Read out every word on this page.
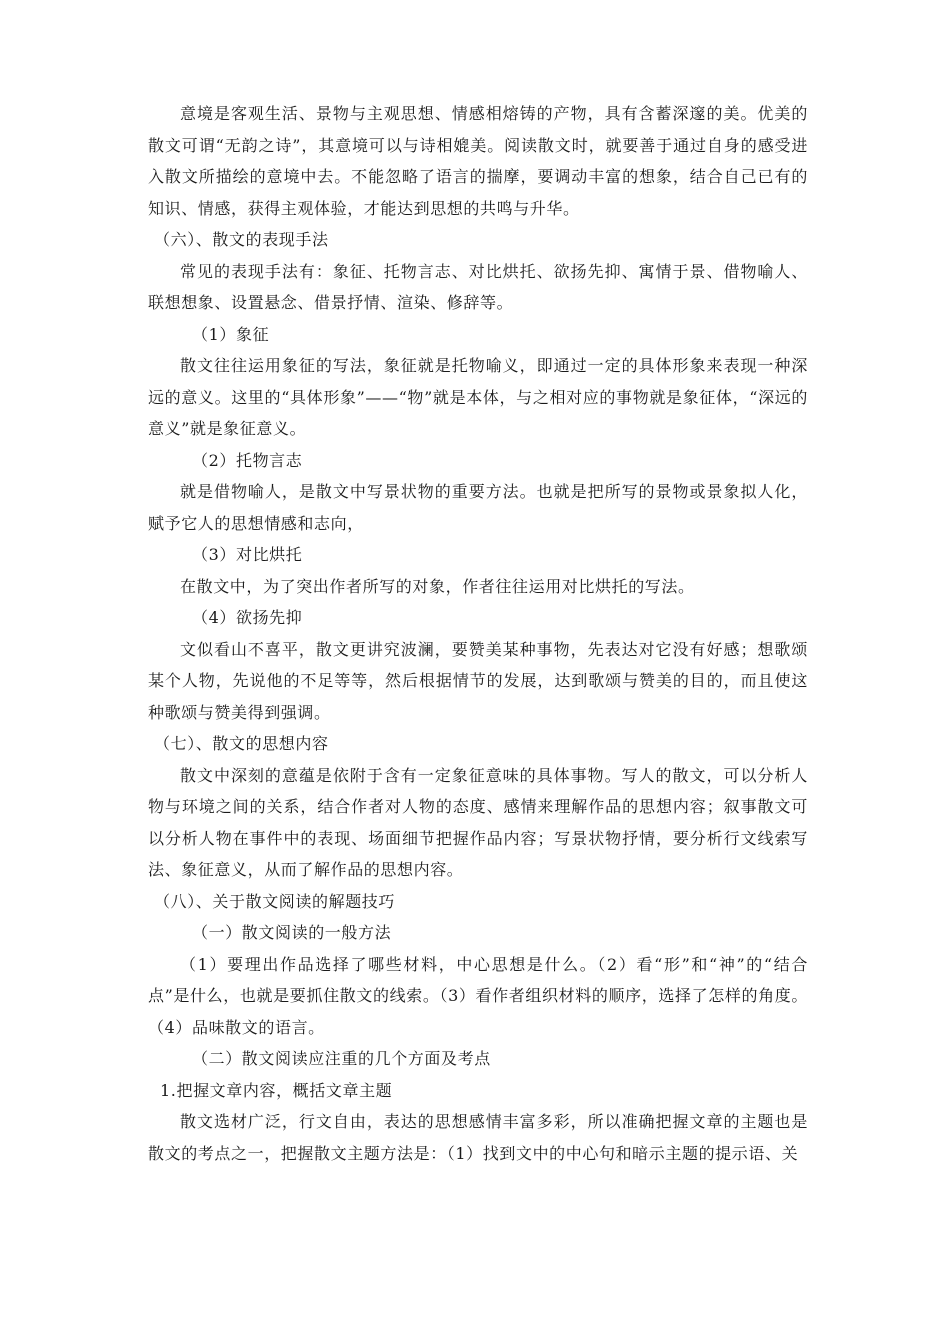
意境是客观生活、景物与主观思想、情感相熔铸的产物，具有含蓄深邃的美。优美的散文可谓“无韵之诗”，其意境可以与诗相媲美。阅读散文时，就要善于通过自身的感受进入散文所描绘的意境中去。不能忽略了语言的揣摩，要调动丰富的想象，结合自己已有的知识、情感，获得主观体验，才能达到思想的共鸣与升华。

（六）、散文的表现手法

常见的表现手法有：象征、托物言志、对比烘托、欲扬先抑、寓情于景、借物喻人、联想想象、设置悬念、借景抒情、渲染、修辞等。

（1）象征

散文往往运用象征的写法，象征就是托物喻义，即通过一定的具体形象来表现一种深远的意义。这里的“具体形象”——“物”就是本体，与之相对应的事物就是象征体，“深远的意义”就是象征意义。

（2）托物言志

就是借物喻人，是散文中写景状物的重要方法。也就是把所写的景物或景象拟人化，赋予它人的思想情感和志向，

（3）对比烘托

在散文中，为了突出作者所写的对象，作者往往运用对比烘托的写法。

（4）欲扬先抑

文似看山不喜平，散文更讲究波澜，要赞美某种事物，先表达对它没有好感；想歌颂某个人物，先说他的不足等等，然后根据情节的发展，达到歌颂与赞美的目的，而且使这种歌颂与赞美得到强调。

（七）、散文的思想内容

散文中深刻的意蕴是依附于含有一定象征意味的具体事物。写人的散文，可以分析人物与环境之间的关系，结合作者对人物的态度、感情来理解作品的思想内容；叙事散文可以分析人物在事件中的表现、场面细节把握作品内容；写景状物抒情，要分析行文线索写法、象征意义，从而了解作品的思想内容。

（八）、关于散文阅读的解题技巧

（一）散文阅读的一般方法

（1）要理出作品选择了哪些材料，中心思想是什么。（2）看“形”和“神”的“结合点”是什么，也就是要抓住散文的线索。（3）看作者组织材料的顺序，选择了怎样的角度。（4）品味散文的语言。

（二）散文阅读应注重的几个方面及考点

1.把握文章内容，概括文章主题

散文选材广泛，行文自由，表达的思想感情丰富多彩，所以准确把握文章的主题也是散文的考点之一，把握散文主题方法是：（1）找到文中的中心句和暗示主题的提示语、关
